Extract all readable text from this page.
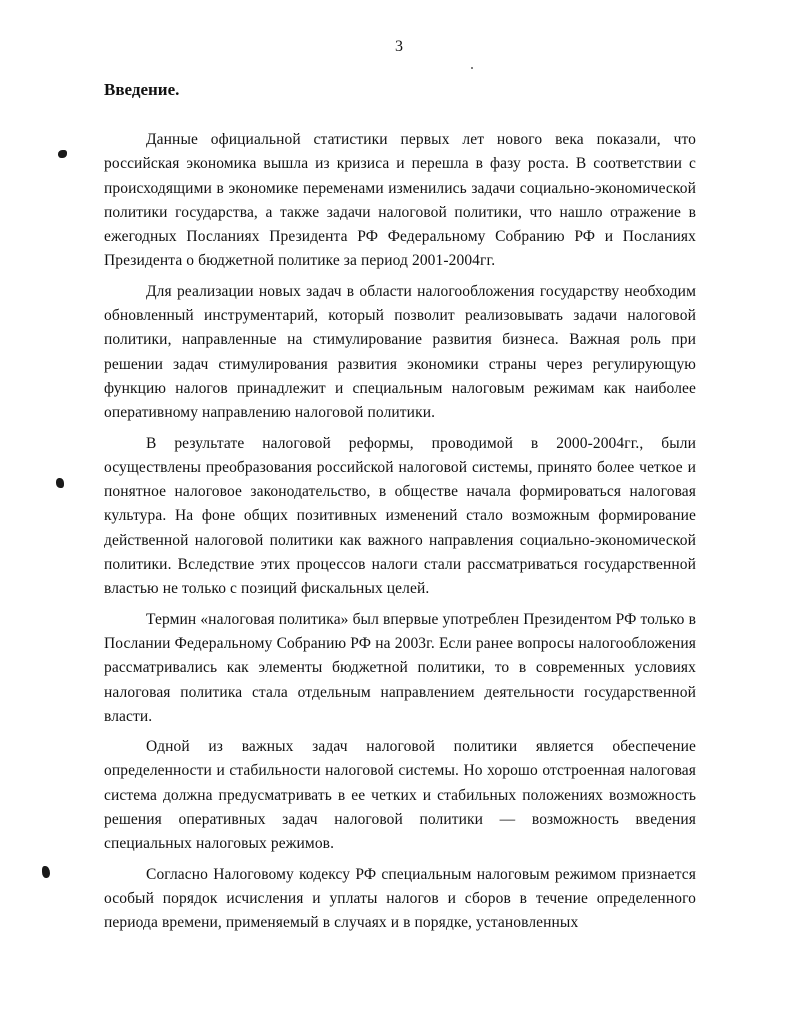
3
Введение.

Данные официальной статистики первых лет нового века показали, что российская экономика вышла из кризиса и перешла в фазу роста. В соответствии с происходящими в экономике переменами изменились задачи социально-экономической политики государства, а также задачи налоговой политики, что нашло отражение в ежегодных Посланиях Президента РФ Федеральному Собранию РФ и Посланиях Президента о бюджетной политике за период 2001-2004гг.

Для реализации новых задач в области налогообложения государству необходим обновленный инструментарий, который позволит реализовывать задачи налоговой политики, направленные на стимулирование развития бизнеса. Важная роль при решении задач стимулирования развития экономики страны через регулирующую функцию налогов принадлежит и специальным налоговым режимам как наиболее оперативному направлению налоговой политики.

В результате налоговой реформы, проводимой в 2000-2004гг., были осуществлены преобразования российской налоговой системы, принято более четкое и понятное налоговое законодательство, в обществе начала формироваться налоговая культура. На фоне общих позитивных изменений стало возможным формирование действенной налоговой политики как важного направления социально-экономической политики. Вследствие этих процессов налоги стали рассматриваться государственной властью не только с позиций фискальных целей.

Термин «налоговая политика» был впервые употреблен Президентом РФ только в Послании Федеральному Собранию РФ на 2003г. Если ранее вопросы налогообложения рассматривались как элементы бюджетной политики, то в современных условиях налоговая политика стала отдельным направлением деятельности государственной власти.

Одной из важных задач налоговой политики является обеспечение определенности и стабильности налоговой системы. Но хорошо отстроенная налоговая система должна предусматривать в ее четких и стабильных положениях возможность решения оперативных задач налоговой политики — возможность введения специальных налоговых режимов.

Согласно Налоговому кодексу РФ специальным налоговым режимом признается особый порядок исчисления и уплаты налогов и сборов в течение определенного периода времени, применяемый в случаях и в порядке, установленных
